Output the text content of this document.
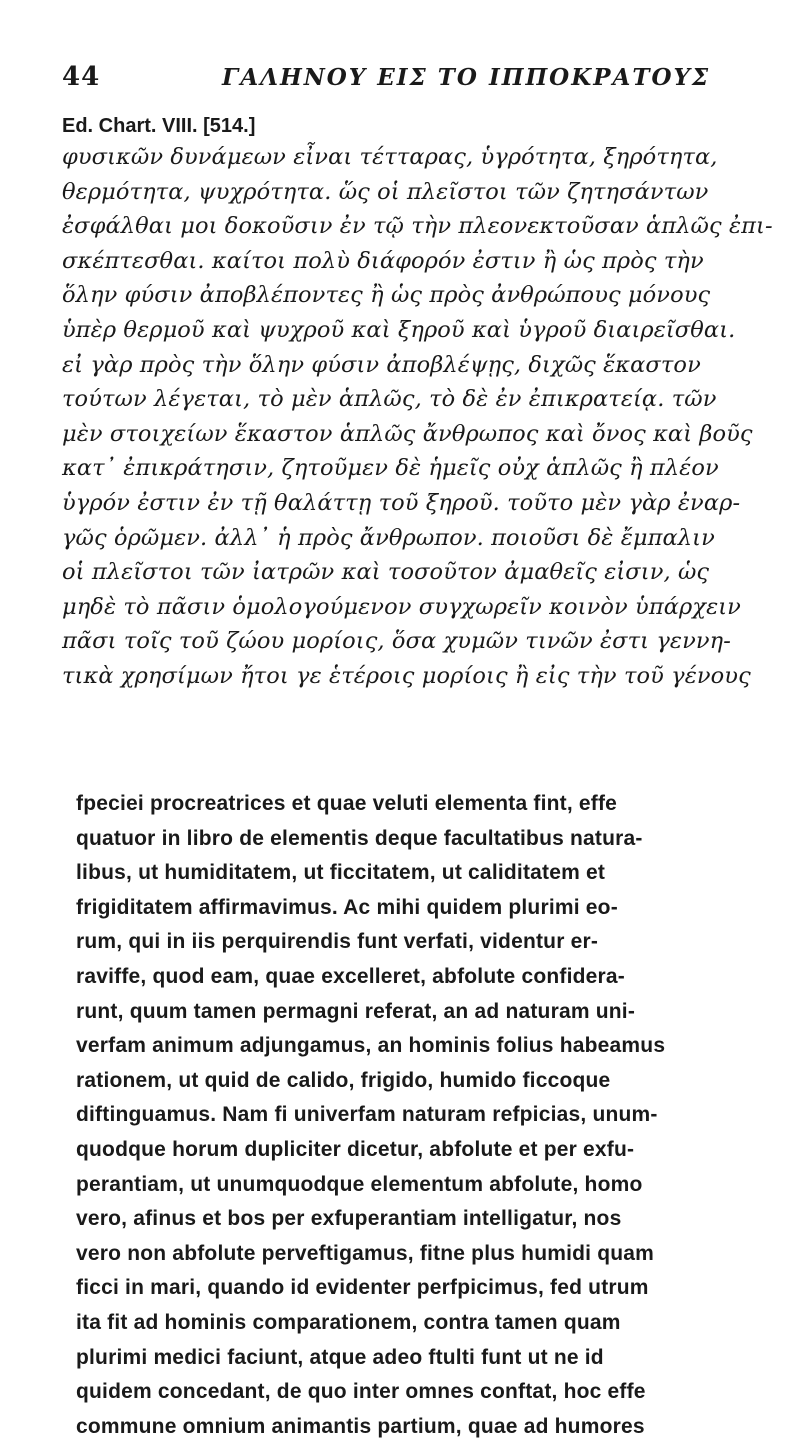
44	ΓΑΛΗΝΟΥ ΕΙΣ ΤΟ ΙΠΠΟΚΡΑΤΟΥΣ
Ed. Chart. VIII. [514.]
φυσικῶν δυνάμεων εἶναι τέτταρας, ὑγρότητα, ξηρότητα,
θερμότητα, ψυχρότητα. ὥς οἱ πλεῖστοι τῶν ζητησάντων
ἐσφάλθαι μοι δοκοῦσιν ἐν τῷ τὴν πλεονεκτοῦσαν ἁπλῶς ἐπι-
σκέπτεσθαι. καίτοι πολὺ διάφορόν ἐστιν ἢ ὡς πρὸς τὴν
ὅλην φύσιν ἀποβλέποντες ἢ ὡς πρὸς ἀνθρώπους μόνους
ὑπὲρ θερμοῦ καὶ ψυχροῦ καὶ ξηροῦ καὶ ὑγροῦ διαιρεῖσθαι.
εἰ γὰρ πρὸς τὴν ὅλην φύσιν ἀποβλέψῃς, διχῶς ἕκαστον
τούτων λέγεται, τὸ μὲν ἁπλῶς, τὸ δὲ ἐν ἐπικρατείᾳ. τῶν
μὲν στοιχείων ἕκαστον ἁπλῶς ἄνθρωπος καὶ ὄνος καὶ βοῦς
κατ᾽ ἐπικράτησιν, ζητοῦμεν δὲ ἡμεῖς οὐχ ἁπλῶς ἢ πλέον
ὑγρόν ἐστιν ἐν τῇ θαλάττῃ τοῦ ξηροῦ. τοῦτο μὲν γὰρ ἐναρ-
γῶς ὁρῶμεν. ἀλλ᾽ ἡ πρὸς ἄνθρωπον. ποιοῦσι δὲ ἔμπαλιν
οἱ πλεῖστοι τῶν ἰατρῶν καὶ τοσοῦτον ἀμαθεῖς εἰσιν, ὡς
μηδὲ τὸ πᾶσιν ὁμολογούμενον συγχωρεῖν κοινὸν ὑπάρχειν
πᾶσι τοῖς τοῦ ζώου μορίοις, ὅσα χυμῶν τινῶν ἐστι γεννη-
τικὰ χρησίμων ἤτοι γε ἑτέροις μορίοις ἢ εἰς τὴν τοῦ γένους
fpeciei procreatrices et quae veluti elementa fint, effe
quatuor in libro de elementis deque facultatibus natura-
libus, ut humiditatem, ut ficcitatem, ut caliditatem et
frigiditatem affirmavimus. Ac mihi quidem plurimi eo-
rum, qui in iis perquirendis funt verfati, videntur er-
raviffe, quod eam, quae excelleret, abfolute confidera-
runt, quum tamen permagni referat, an ad naturam uni-
verfam animum adjungamus, an hominis folius habeamus
rationem, ut quid de calido, frigido, humido ficcoque
diftinguamus. Nam fi univerfam naturam refpicias, unum-
quodque horum dupliciter dicetur, abfolute et per exfu-
perantiam, ut unumquodque elementum abfolute, homo
vero, afinus et bos per exfuperantiam intelligatur, nos
vero non abfolute perveftigamus, fitne plus humidi quam
ficci in mari, quando id evidenter perfpicimus, fed utrum
ita fit ad hominis comparationem, contra tamen quam
plurimi medici faciunt, atque adeo ftulti funt ut ne id
quidem concedant, de quo inter omnes conftat, hoc effe
commune omnium animantis partium, quae ad humores
